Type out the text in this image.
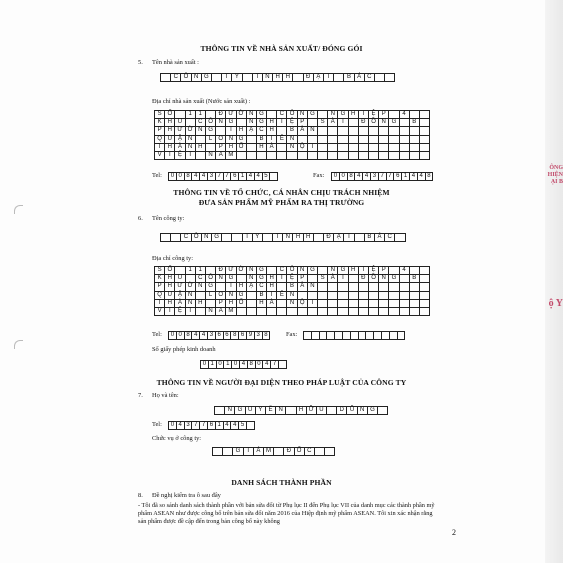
ÔNG
HIỆN
ẠI B
ộ Y
THÔNG TIN VỀ NHÀ SẢN XUẤT/ ĐÓNG GÓI
5. Tên nhà sản xuất :
	C	Ô	N	G		T	Y		T	N	H	H		Đ	Ạ	I		B	Á	C		
Địa chỉ nhà sản xuất (Nước sản xuất) :
S	Ố		1	1		Đ	Ư	Ờ	N	G		C	Ô	N	G		N	G	H	I	Ệ	P		4		
K	H	U		C	Ô	N	G		N	G	H	I	Ệ	P		S	À	I		Đ	Ồ	N	G		B	
P	H	Ư	Ờ	N	G		T	H	Ạ	C	H		B	À	N											
Q	U	Ậ	N		L	O	N	G		B	I	Ê	N													
T	H	À	N	H		P	H	Ố		H	À		N	Ộ	I											
V	I	Ệ	T		N	A	M																			
Tel: 0	0	8	4	4	3	7	7	6	1	4	4	5		Fax: 0	0	8	4	4	3	7	7	6	1	4	4	8
THÔNG TIN VỀ TỔ CHỨC, CÁ NHÂN CHỊU TRÁCH NHIỆM
ĐƯA SẢN PHẨM MỸ PHẨM RA THỊ TRƯỜNG
6. Tên công ty:
		C	Ô	N	G			T	Y		T	N	H	H		Đ	Ạ	I		B	Á	C	
Địa chỉ công ty:
S	Ố		1	1		Đ	Ư	Ờ	N	G		C	Ô	N	G		N	G	H	I	Ệ	P		4		
K	H	U		C	Ô	N	G		N	G	H	I	Ệ	P		S	À	I		Đ	Ồ	N	G		B	
P	H	Ư	Ờ	N	G		T	H	Ạ	C	H		B	À	N											
Q	U	Ậ	N		L	O	N	G		B	I	Ê	N													
T	H	À	N	H		P	H	Ố		H	À		N	Ộ	I											
V	I	Ệ	T		N	A	M																			
Tel: 0	0	8	4	4	3	6	6	8	6	9	3	8	Fax:

Số giấy phép kinh doanh
0	1	0	1	0	4	8	0	4	7	
THÔNG TIN VỀ NGƯỜI ĐẠI DIỆN THEO PHÁP LUẬT CỦA CÔNG TY
7. Họ và tên:
	N	G	U	Y	Ễ	N		H	Ữ	U		D	Ũ	N	G	
Tel: 0	4	3	7	7	6	1	4	4	5	
Chức vụ ở công ty:
		G	I	Á	M		Đ	Ố	C		
DANH SÁCH THÀNH PHẦN
8. Đề nghị kiểm tra ô sau đây
- Tôi đã so sánh danh sách thành phần với bản sửa đổi từ Phụ lục II đến Phụ lục VII của danh mục các thành phần mỹ phẩm ASEAN như được công bố trên bản sửa đổi năm 2016 của Hiệp định mỹ phẩm ASEAN. Tôi xin xác nhận rằng sản phẩm được đề cập đến trong bản công bố này không
2
